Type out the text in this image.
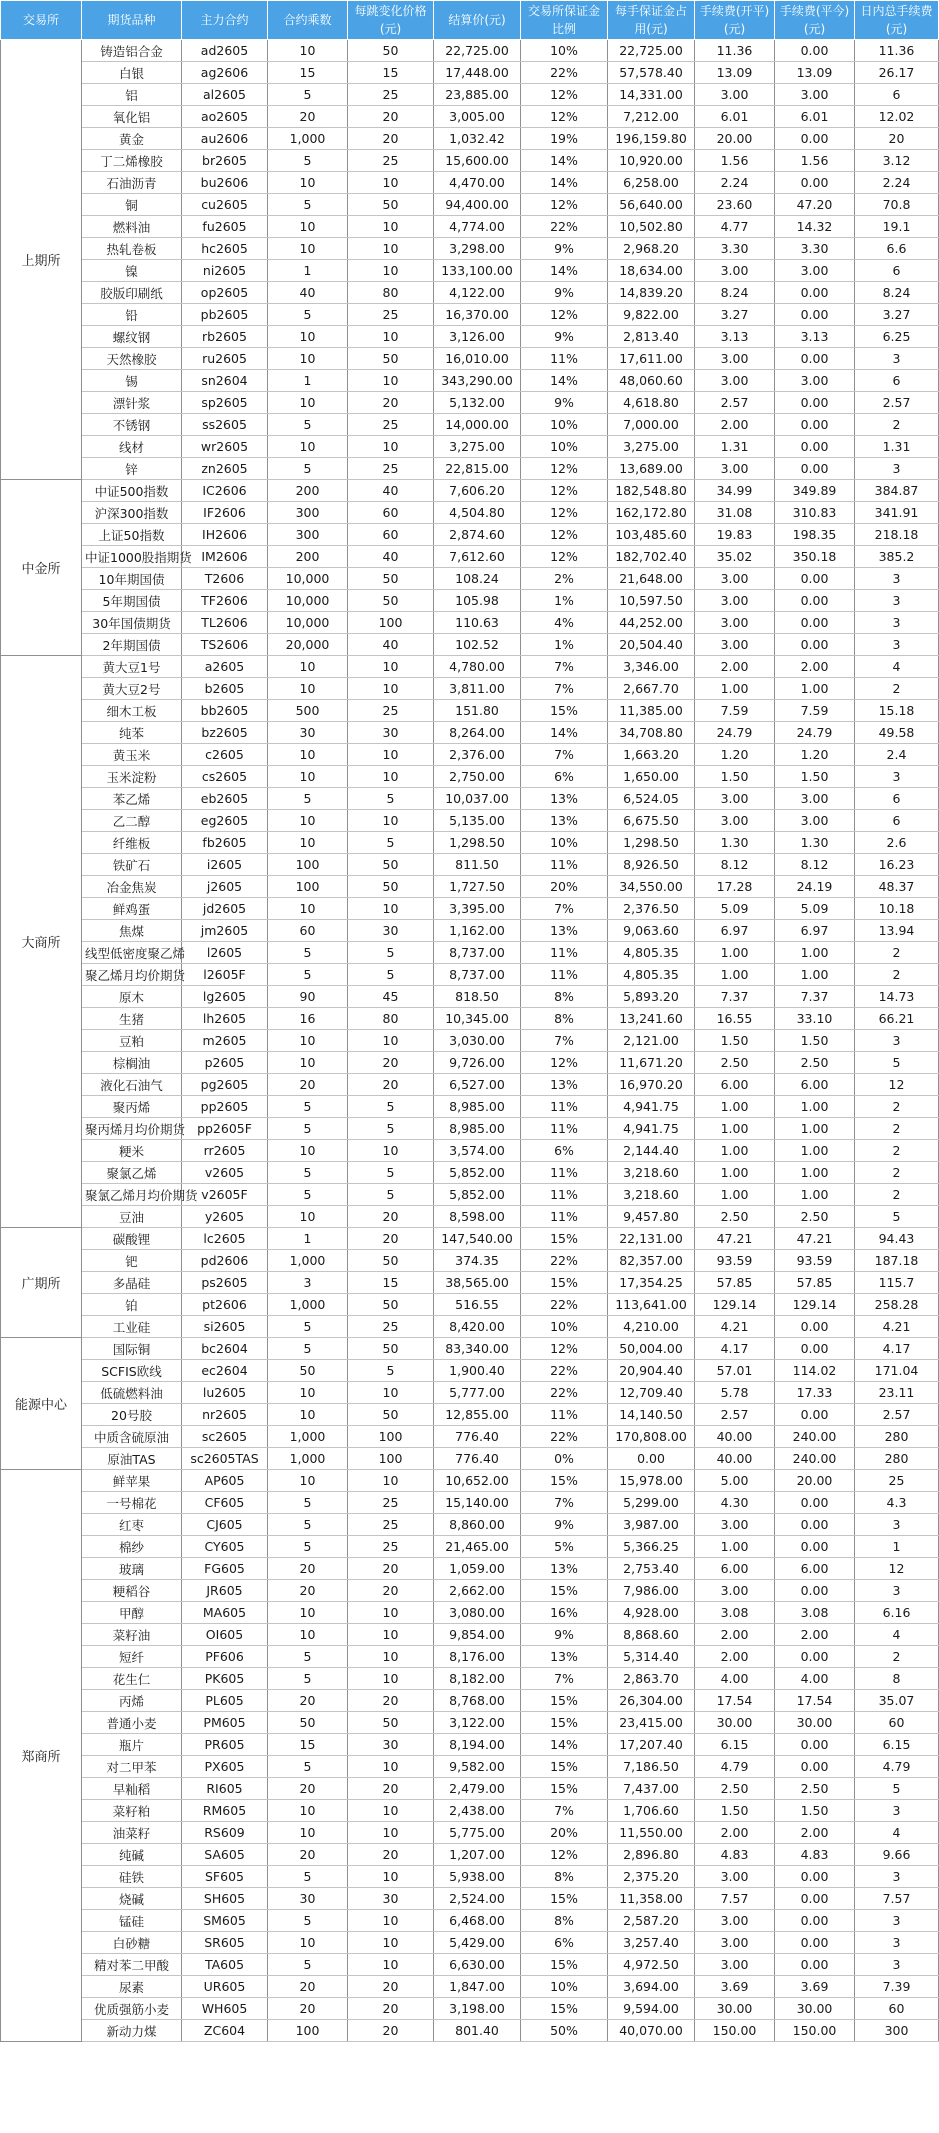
交易所	期货品种	主力合约	合约乘数	每跳变化价格(元)	结算价(元)	交易所保证金比例	每手保证金占用(元)	手续费(开平)(元)	手续费(平今)(元)	日内总手续费(元)
上期所	铸造铝合金	ad2605	10	50	22,725.00	10%	22,725.00	11.36	0.00	11.36
	白银	ag2606	15	15	17,448.00	22%	57,578.40	13.09	13.09	26.17
	铝	al2605	5	25	23,885.00	12%	14,331.00	3.00	3.00	6
	氧化铝	ao2605	20	20	3,005.00	12%	7,212.00	6.01	6.01	12.02
	黄金	au2606	1,000	20	1,032.42	19%	196,159.80	20.00	0.00	20
	丁二烯橡胶	br2605	5	25	15,600.00	14%	10,920.00	1.56	1.56	3.12
	石油沥青	bu2606	10	10	4,470.00	14%	6,258.00	2.24	0.00	2.24
	铜	cu2605	5	50	94,400.00	12%	56,640.00	23.60	47.20	70.8
	燃料油	fu2605	10	10	4,774.00	22%	10,502.80	4.77	14.32	19.1
	热轧卷板	hc2605	10	10	3,298.00	9%	2,968.20	3.30	3.30	6.6
	镍	ni2605	1	10	133,100.00	14%	18,634.00	3.00	3.00	6
	胶版印刷纸	op2605	40	80	4,122.00	9%	14,839.20	8.24	0.00	8.24
	铅	pb2605	5	25	16,370.00	12%	9,822.00	3.27	0.00	3.27
	螺纹钢	rb2605	10	10	3,126.00	9%	2,813.40	3.13	3.13	6.25
	天然橡胶	ru2605	10	50	16,010.00	11%	17,611.00	3.00	0.00	3
	锡	sn2604	1	10	343,290.00	14%	48,060.60	3.00	3.00	6
	漂针浆	sp2605	10	20	5,132.00	9%	4,618.80	2.57	0.00	2.57
	不锈钢	ss2605	5	25	14,000.00	10%	7,000.00	2.00	0.00	2
	线材	wr2605	10	10	3,275.00	10%	3,275.00	1.31	0.00	1.31
	锌	zn2605	5	25	22,815.00	12%	13,689.00	3.00	0.00	3
中金所	中证500指数	IC2606	200	40	7,606.20	12%	182,548.80	34.99	349.89	384.87
	沪深300指数	IF2606	300	60	4,504.80	12%	162,172.80	31.08	310.83	341.91
	上证50指数	IH2606	300	60	2,874.60	12%	103,485.60	19.83	198.35	218.18
	中证1000股指期货	IM2606	200	40	7,612.60	12%	182,702.40	35.02	350.18	385.2
	10年期国债	T2606	10,000	50	108.24	2%	21,648.00	3.00	0.00	3
	5年期国债	TF2606	10,000	50	105.98	1%	10,597.50	3.00	0.00	3
	30年国债期货	TL2606	10,000	100	110.63	4%	44,252.00	3.00	0.00	3
	2年期国债	TS2606	20,000	40	102.52	1%	20,504.40	3.00	0.00	3
大商所	黄大豆1号	a2605	10	10	4,780.00	7%	3,346.00	2.00	2.00	4
	黄大豆2号	b2605	10	10	3,811.00	7%	2,667.70	1.00	1.00	2
	细木工板	bb2605	500	25	151.80	15%	11,385.00	7.59	7.59	15.18
	纯苯	bz2605	30	30	8,264.00	14%	34,708.80	24.79	24.79	49.58
	黄玉米	c2605	10	10	2,376.00	7%	1,663.20	1.20	1.20	2.4
	玉米淀粉	cs2605	10	10	2,750.00	6%	1,650.00	1.50	1.50	3
	苯乙烯	eb2605	5	5	10,037.00	13%	6,524.05	3.00	3.00	6
	乙二醇	eg2605	10	10	5,135.00	13%	6,675.50	3.00	3.00	6
	纤维板	fb2605	10	5	1,298.50	10%	1,298.50	1.30	1.30	2.6
	铁矿石	i2605	100	50	811.50	11%	8,926.50	8.12	8.12	16.23
	冶金焦炭	j2605	100	50	1,727.50	20%	34,550.00	17.28	24.19	48.37
	鲜鸡蛋	jd2605	10	10	3,395.00	7%	2,376.50	5.09	5.09	10.18
	焦煤	jm2605	60	30	1,162.00	13%	9,063.60	6.97	6.97	13.94
	线型低密度聚乙烯	l2605	5	5	8,737.00	11%	4,805.35	1.00	1.00	2
	聚乙烯月均价期货	l2605F	5	5	8,737.00	11%	4,805.35	1.00	1.00	2
	原木	lg2605	90	45	818.50	8%	5,893.20	7.37	7.37	14.73
	生猪	lh2605	16	80	10,345.00	8%	13,241.60	16.55	33.10	66.21
	豆粕	m2605	10	10	3,030.00	7%	2,121.00	1.50	1.50	3
	棕榈油	p2605	10	20	9,726.00	12%	11,671.20	2.50	2.50	5
	液化石油气	pg2605	20	20	6,527.00	13%	16,970.20	6.00	6.00	12
	聚丙烯	pp2605	5	5	8,985.00	11%	4,941.75	1.00	1.00	2
	聚丙烯月均价期货	pp2605F	5	5	8,985.00	11%	4,941.75	1.00	1.00	2
	粳米	rr2605	10	10	3,574.00	6%	2,144.40	1.00	1.00	2
	聚氯乙烯	v2605	5	5	5,852.00	11%	3,218.60	1.00	1.00	2
	聚氯乙烯月均价期货	v2605F	5	5	5,852.00	11%	3,218.60	1.00	1.00	2
	豆油	y2605	10	20	8,598.00	11%	9,457.80	2.50	2.50	5
广期所	碳酸锂	lc2605	1	20	147,540.00	15%	22,131.00	47.21	47.21	94.43
	钯	pd2606	1,000	50	374.35	22%	82,357.00	93.59	93.59	187.18
	多晶硅	ps2605	3	15	38,565.00	15%	17,354.25	57.85	57.85	115.7
	铂	pt2606	1,000	50	516.55	22%	113,641.00	129.14	129.14	258.28
	工业硅	si2605	5	25	8,420.00	10%	4,210.00	4.21	0.00	4.21
能源中心	国际铜	bc2604	5	50	83,340.00	12%	50,004.00	4.17	0.00	4.17
	SCFIS欧线	ec2604	50	5	1,900.40	22%	20,904.40	57.01	114.02	171.04
	低硫燃料油	lu2605	10	10	5,777.00	22%	12,709.40	5.78	17.33	23.11
	20号胶	nr2605	10	50	12,855.00	11%	14,140.50	2.57	0.00	2.57
	中质含硫原油	sc2605	1,000	100	776.40	22%	170,808.00	40.00	240.00	280
	原油TAS	sc2605TAS	1,000	100	776.40	0%	0.00	40.00	240.00	280
郑商所	鲜苹果	AP605	10	10	10,652.00	15%	15,978.00	5.00	20.00	25
	一号棉花	CF605	5	25	15,140.00	7%	5,299.00	4.30	0.00	4.3
	红枣	CJ605	5	25	8,860.00	9%	3,987.00	3.00	0.00	3
	棉纱	CY605	5	25	21,465.00	5%	5,366.25	1.00	0.00	1
	玻璃	FG605	20	20	1,059.00	13%	2,753.40	6.00	6.00	12
	粳稻谷	JR605	20	20	2,662.00	15%	7,986.00	3.00	0.00	3
	甲醇	MA605	10	10	3,080.00	16%	4,928.00	3.08	3.08	6.16
	菜籽油	OI605	10	10	9,854.00	9%	8,868.60	2.00	2.00	4
	短纤	PF606	5	10	8,176.00	13%	5,314.40	2.00	0.00	2
	花生仁	PK605	5	10	8,182.00	7%	2,863.70	4.00	4.00	8
	丙烯	PL605	20	20	8,768.00	15%	26,304.00	17.54	17.54	35.07
	普通小麦	PM605	50	50	3,122.00	15%	23,415.00	30.00	30.00	60
	瓶片	PR605	15	30	8,194.00	14%	17,207.40	6.15	0.00	6.15
	对二甲苯	PX605	5	10	9,582.00	15%	7,186.50	4.79	0.00	4.79
	早籼稻	RI605	20	20	2,479.00	15%	7,437.00	2.50	2.50	5
	菜籽粕	RM605	10	10	2,438.00	7%	1,706.60	1.50	1.50	3
	油菜籽	RS609	10	10	5,775.00	20%	11,550.00	2.00	2.00	4
	纯碱	SA605	20	20	1,207.00	12%	2,896.80	4.83	4.83	9.66
	硅铁	SF605	5	10	5,938.00	8%	2,375.20	3.00	0.00	3
	烧碱	SH605	30	30	2,524.00	15%	11,358.00	7.57	0.00	7.57
	锰硅	SM605	5	10	6,468.00	8%	2,587.20	3.00	0.00	3
	白砂糖	SR605	10	10	5,429.00	6%	3,257.40	3.00	0.00	3
	精对苯二甲酸	TA605	5	10	6,630.00	15%	4,972.50	3.00	0.00	3
	尿素	UR605	20	20	1,847.00	10%	3,694.00	3.69	3.69	7.39
	优质强筋小麦	WH605	20	20	3,198.00	15%	9,594.00	30.00	30.00	60
	新动力煤	ZC604	100	20	801.40	50%	40,070.00	150.00	150.00	300
